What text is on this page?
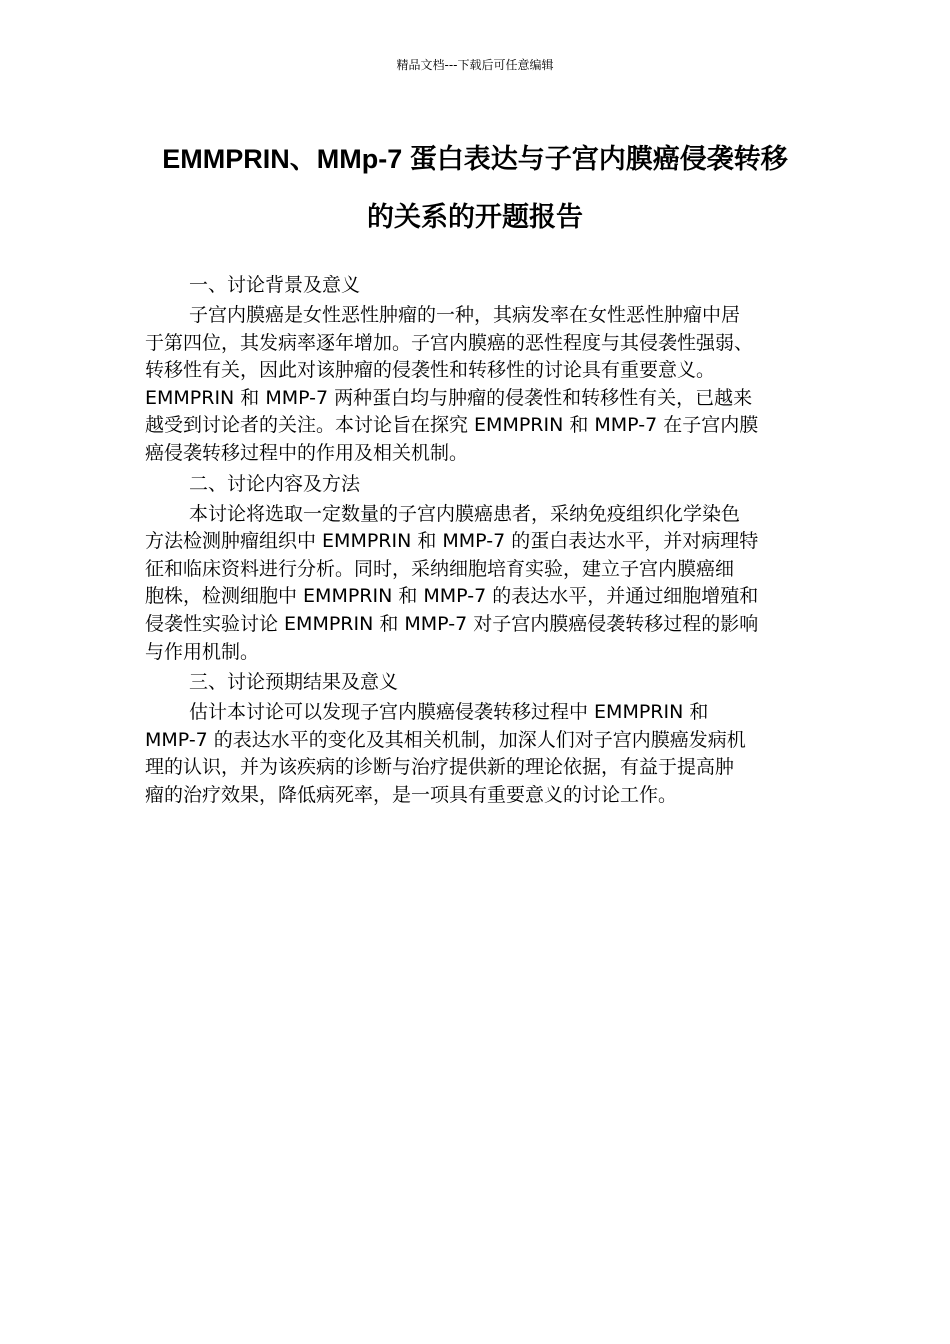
精品文档---下载后可任意编辑
EMMPRIN、MMp-7 蛋白表达与子宫内膜癌侵袭转移
的关系的开题报告
一、讨论背景及意义

子宫内膜癌是女性恶性肿瘤的一种，其病发率在女性恶性肿瘤中居
于第四位，其发病率逐年增加。子宫内膜癌的恶性程度与其侵袭性强弱、
转移性有关，因此对该肿瘤的侵袭性和转移性的讨论具有重要意义。
EMMPRIN 和 MMP-7 两种蛋白均与肿瘤的侵袭性和转移性有关，已越来
越受到讨论者的关注。本讨论旨在探究 EMMPRIN 和 MMP-7 在子宫内膜
癌侵袭转移过程中的作用及相关机制。

二、讨论内容及方法

本讨论将选取一定数量的子宫内膜癌患者，采纳免疫组织化学染色
方法检测肿瘤组织中 EMMPRIN 和 MMP-7 的蛋白表达水平，并对病理特
征和临床资料进行分析。同时，采纳细胞培育实验，建立子宫内膜癌细
胞株，检测细胞中 EMMPRIN 和 MMP-7 的表达水平，并通过细胞增殖和
侵袭性实验讨论 EMMPRIN 和 MMP-7 对子宫内膜癌侵袭转移过程的影响
与作用机制。

三、讨论预期结果及意义

估计本讨论可以发现子宫内膜癌侵袭转移过程中 EMMPRIN 和
MMP-7 的表达水平的变化及其相关机制，加深人们对子宫内膜癌发病机
理的认识，并为该疾病的诊断与治疗提供新的理论依据，有益于提高肿
瘤的治疗效果，降低病死率，是一项具有重要意义的讨论工作。
